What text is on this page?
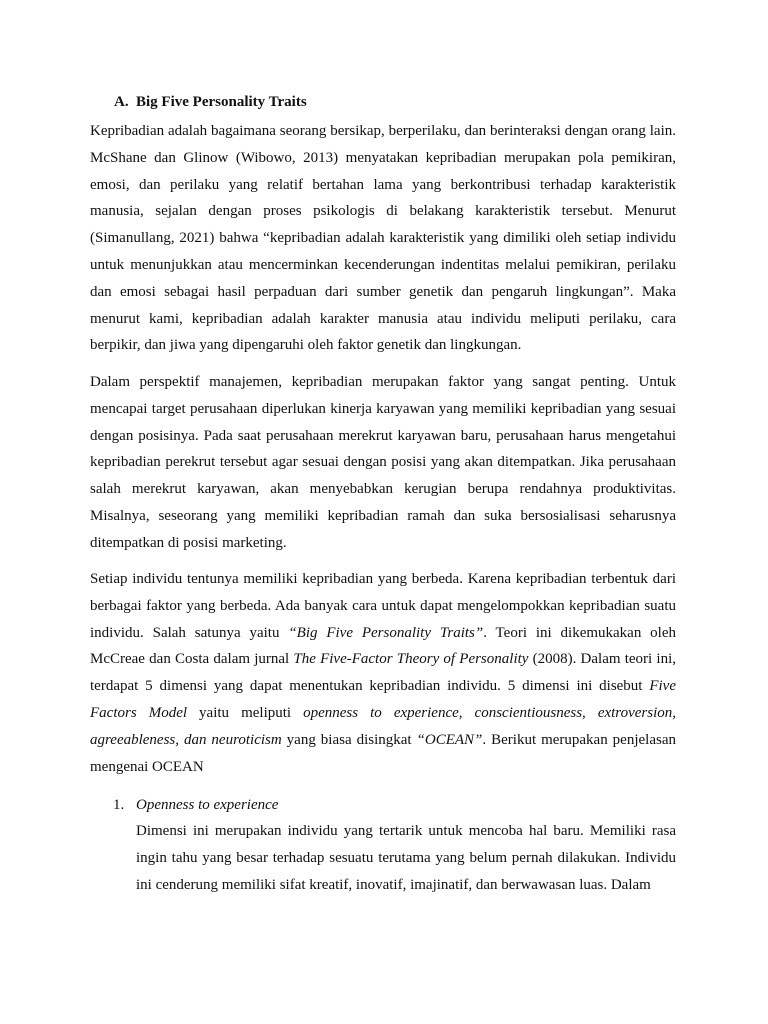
A. Big Five Personality Traits

Kepribadian adalah bagaimana seorang bersikap, berperilaku, dan berinteraksi dengan orang lain. McShane dan Glinow (Wibowo, 2013) menyatakan kepribadian merupakan pola pemikiran, emosi, dan perilaku yang relatif bertahan lama yang berkontribusi terhadap karakteristik manusia, sejalan dengan proses psikologis di belakang karakteristik tersebut. Menurut (Simanullang, 2021) bahwa “kepribadian adalah karakteristik yang dimiliki oleh setiap individu untuk menunjukkan atau mencerminkan kecenderungan indentitas melalui pemikiran, perilaku dan emosi sebagai hasil perpaduan dari sumber genetik dan pengaruh lingkungan”. Maka menurut kami, kepribadian adalah karakter manusia atau individu meliputi perilaku, cara berpikir, dan jiwa yang dipengaruhi oleh faktor genetik dan lingkungan.

Dalam perspektif manajemen, kepribadian merupakan faktor yang sangat penting. Untuk mencapai target perusahaan diperlukan kinerja karyawan yang memiliki kepribadian yang sesuai dengan posisinya. Pada saat perusahaan merekrut karyawan baru, perusahaan harus mengetahui kepribadian perekrut tersebut agar sesuai dengan posisi yang akan ditempatkan. Jika perusahaan salah merekrut karyawan, akan menyebabkan kerugian berupa rendahnya produktivitas. Misalnya, seseorang yang memiliki kepribadian ramah dan suka bersosialisasi seharusnya ditempatkan di posisi marketing.

Setiap individu tentunya memiliki kepribadian yang berbeda. Karena kepribadian terbentuk dari berbagai faktor yang berbeda. Ada banyak cara untuk dapat mengelompokkan kepribadian suatu individu. Salah satunya yaitu “Big Five Personality Traits”. Teori ini dikemukakan oleh McCreae dan Costa dalam jurnal The Five-Factor Theory of Personality (2008). Dalam teori ini, terdapat 5 dimensi yang dapat menentukan kepribadian individu. 5 dimensi ini disebut Five Factors Model yaitu meliputi openness to experience, conscientiousness, extroversion, agreeableness, dan neuroticism yang biasa disingkat “OCEAN”. Berikut merupakan penjelasan mengenai OCEAN

1. Openness to experience

Dimensi ini merupakan individu yang tertarik untuk mencoba hal baru. Memiliki rasa ingin tahu yang besar terhadap sesuatu terutama yang belum pernah dilakukan. Individu ini cenderung memiliki sifat kreatif, inovatif, imajinatif, dan berwawasan luas. Dalam
